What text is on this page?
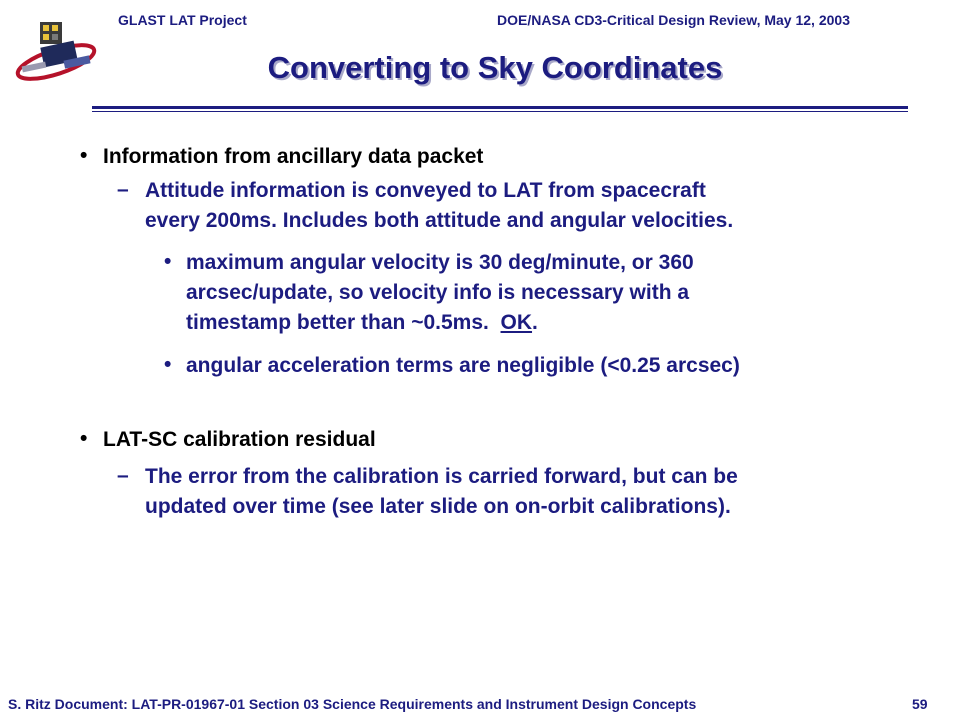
GLAST LAT Project	DOE/NASA CD3-Critical Design Review, May 12, 2003
Converting to Sky Coordinates
• Information from ancillary data packet
– Attitude information is conveyed to LAT from spacecraft
every 200ms. Includes both attitude and angular velocities.
• maximum angular velocity is 30 deg/minute, or 360
arcsec/update, so velocity info is necessary with a
timestamp better than ~0.5ms.  OK.
• angular acceleration terms are negligible (<0.25 arcsec)
• LAT-SC calibration residual
– The error from the calibration is carried forward, but can be
updated over time (see later slide on on-orbit calibrations).
S. Ritz Document: LAT-PR-01967-01 Section 03 Science Requirements and Instrument Design Concepts	59
